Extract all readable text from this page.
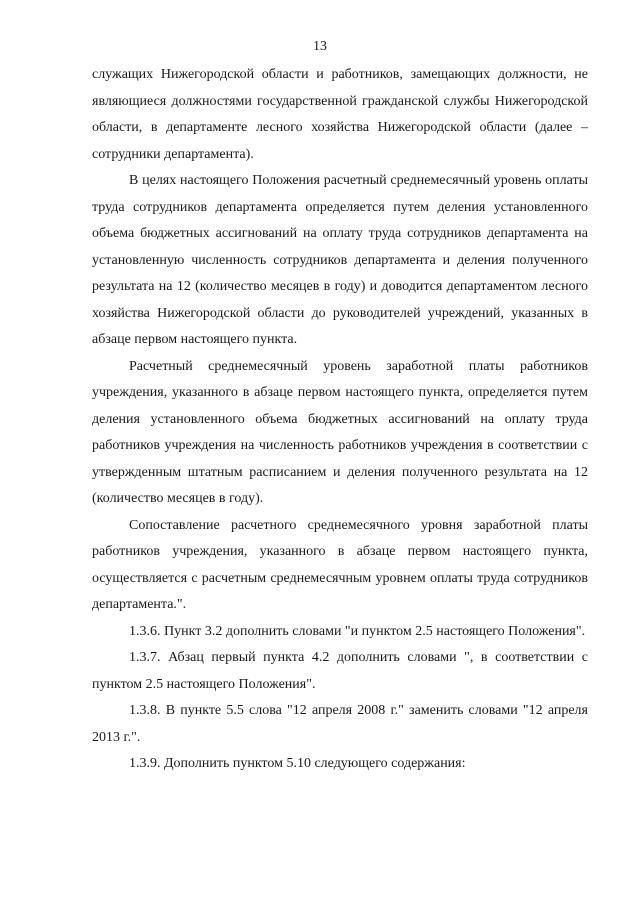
13

служащих Нижегородской области и работников, замещающих должности, не являющиеся должностями государственной гражданской службы Нижегородской области, в департаменте лесного хозяйства Нижегородской области (далее – сотрудники департамента).

В целях настоящего Положения расчетный среднемесячный уровень оплаты труда сотрудников департамента определяется путем деления установленного объема бюджетных ассигнований на оплату труда сотрудников департамента на установленную численность сотрудников департамента и деления полученного результата на 12 (количество месяцев в году) и доводится департаментом лесного хозяйства Нижегородской области до руководителей учреждений, указанных в абзаце первом настоящего пункта.

Расчетный среднемесячный уровень заработной платы работников учреждения, указанного в абзаце первом настоящего пункта, определяется путем деления установленного объема бюджетных ассигнований на оплату труда работников учреждения на численность работников учреждения в соответствии с утвержденным штатным расписанием и деления полученного результата на 12 (количество месяцев в году).

Сопоставление расчетного среднемесячного уровня заработной платы работников учреждения, указанного в абзаце первом настоящего пункта, осуществляется с расчетным среднемесячным уровнем оплаты труда сотрудников департамента.".

1.3.6. Пункт 3.2 дополнить словами "и пунктом 2.5 настоящего Положения".

1.3.7. Абзац первый пункта 4.2 дополнить словами ", в соответствии с пунктом 2.5 настоящего Положения".

1.3.8. В пункте 5.5 слова "12 апреля 2008 г." заменить словами "12 апреля 2013 г.".

1.3.9. Дополнить пунктом 5.10 следующего содержания:
